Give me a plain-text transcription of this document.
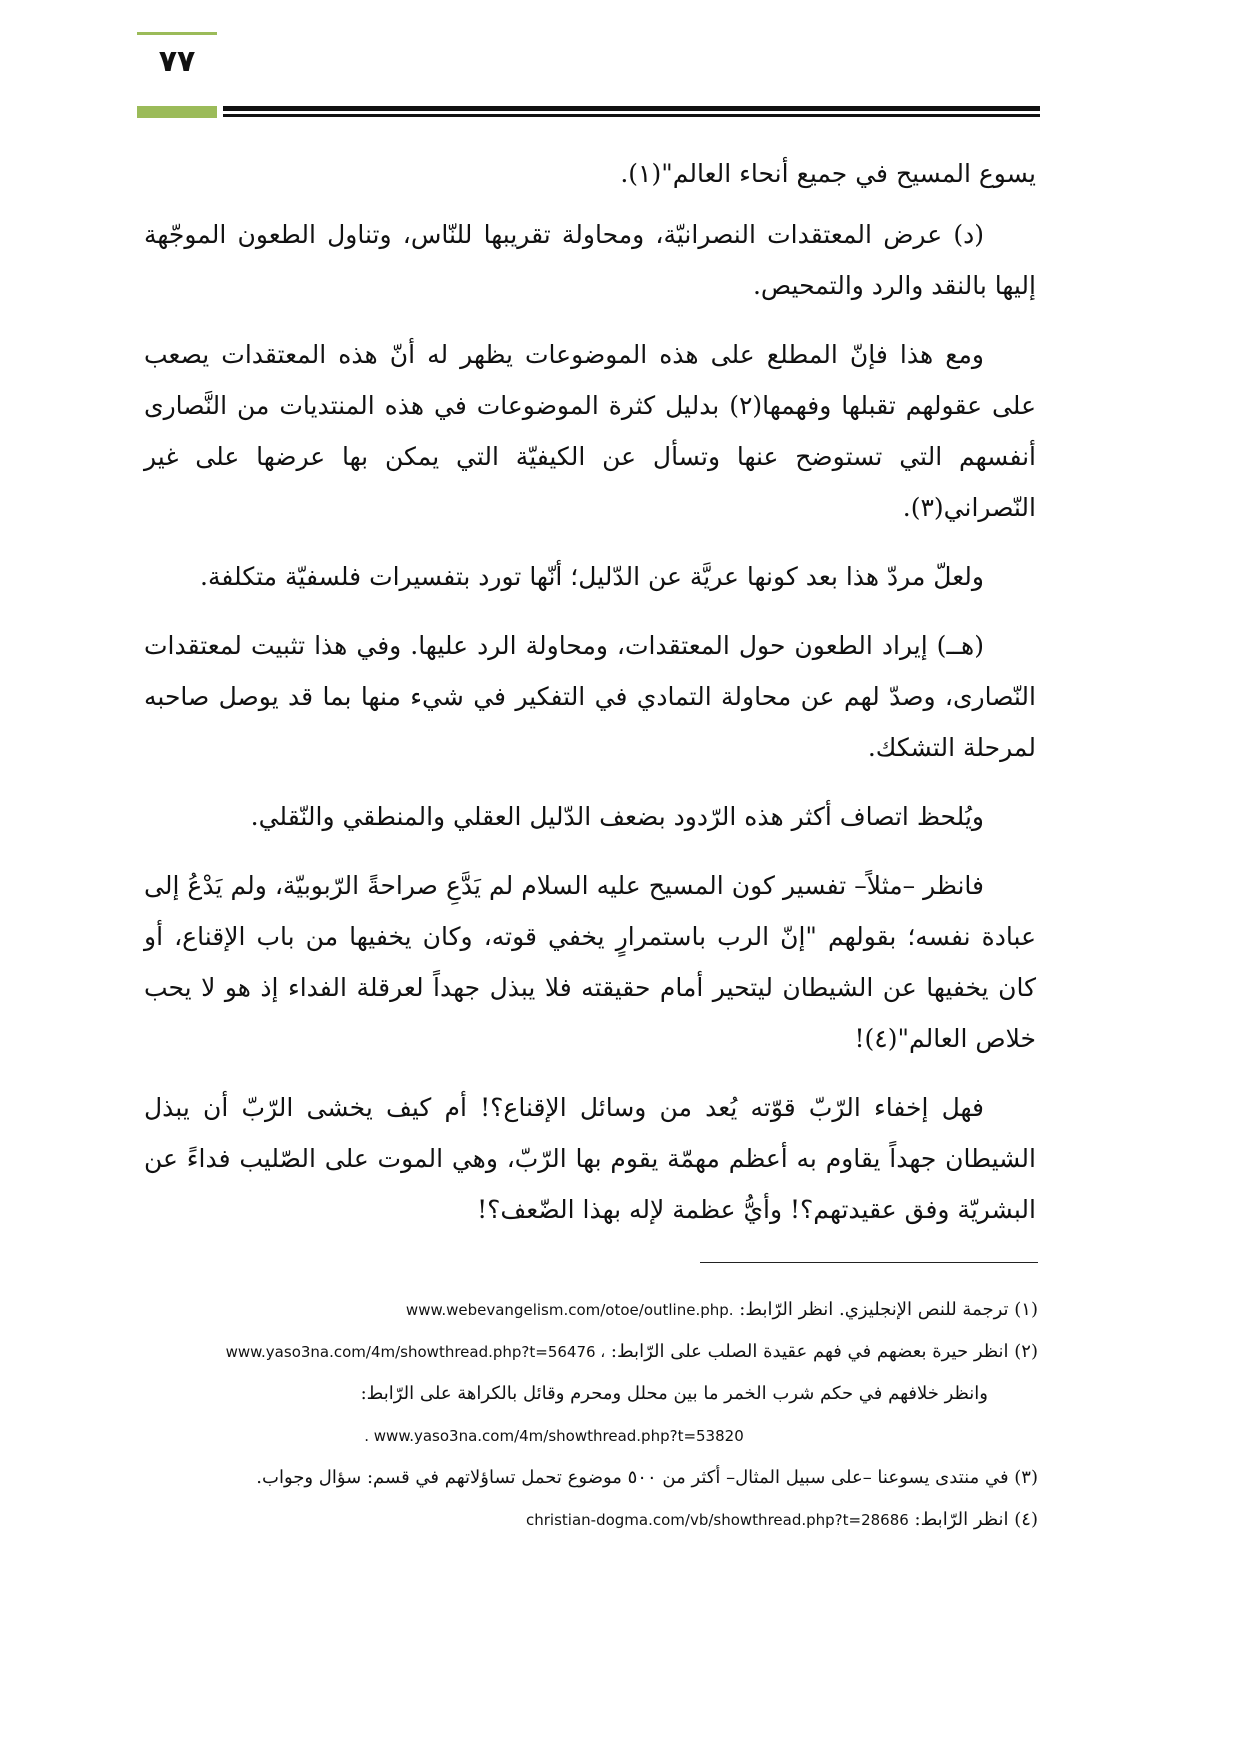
٧٧

يسوع المسيح في جميع أنحاء العالم"(١).

(د) عرض المعتقدات النصرانيّة، ومحاولة تقريبها للنّاس، وتناول الطعون الموجّهة إليها بالنقد والرد والتمحيص.

ومع هذا فإنّ المطلع على هذه الموضوعات يظهر له أنّ هذه المعتقدات يصعب على عقولهم تقبلها وفهمها(٢) بدليل كثرة الموضوعات في هذه المنتديات من النَّصارى أنفسهم التي تستوضح عنها وتسأل عن الكيفيّة التي يمكن بها عرضها على غير النّصراني(٣).

ولعلّ مردّ هذا بعد كونها عريَّة عن الدّليل؛ أنّها تورد بتفسيرات فلسفيّة متكلفة.

(هــ) إيراد الطعون حول المعتقدات، ومحاولة الرد عليها. وفي هذا تثبيت لمعتقدات النّصارى، وصدّ لهم عن محاولة التمادي في التفكير في شيء منها بما قد يوصل صاحبه لمرحلة التشكك.

ويُلحظ اتصاف أكثر هذه الرّدود بضعف الدّليل العقلي والمنطقي والنّقلي.

فانظر –مثلاً– تفسير كون المسيح عليه السلام لم يَدَّعِ صراحةً الرّبوبيّة، ولم يَدْعُ إلى عبادة نفسه؛ بقولهم "إنّ الرب باستمرارٍ يخفي قوته، وكان يخفيها من باب الإقناع، أو كان يخفيها عن الشيطان ليتحير أمام حقيقته فلا يبذل جهداً لعرقلة الفداء إذ هو لا يحب خلاص العالم"(٤)!

فهل إخفاء الرّبّ قوّته يُعد من وسائل الإقناع؟! أم كيف يخشى الرّبّ أن يبذل الشيطان جهداً يقاوم به أعظم مهمّة يقوم بها الرّبّ، وهي الموت على الصّليب فداءً عن البشريّة وفق عقيدتهم؟! وأيُّ عظمة لإله بهذا الضّعف؟!

(١) ترجمة للنص الإنجليزي. انظر الرّابط: www.webevangelism.com/otoe/outline.php.
(٢) انظر حيرة بعضهم في فهم عقيدة الصلب على الرّابط: www.yaso3na.com/4m/showthread.php?t=56476 ،
وانظر خلافهم في حكم شرب الخمر ما بين محلل ومحرم وقائل بالكراهة على الرّابط:
. www.yaso3na.com/4m/showthread.php?t=53820
(٣) في منتدى يسوعنا –على سبيل المثال– أكثر من ٥٠٠ موضوع تحمل تساؤلاتهم في قسم: سؤال وجواب.
(٤) انظر الرّابط: christian-dogma.com/vb/showthread.php?t=28686
